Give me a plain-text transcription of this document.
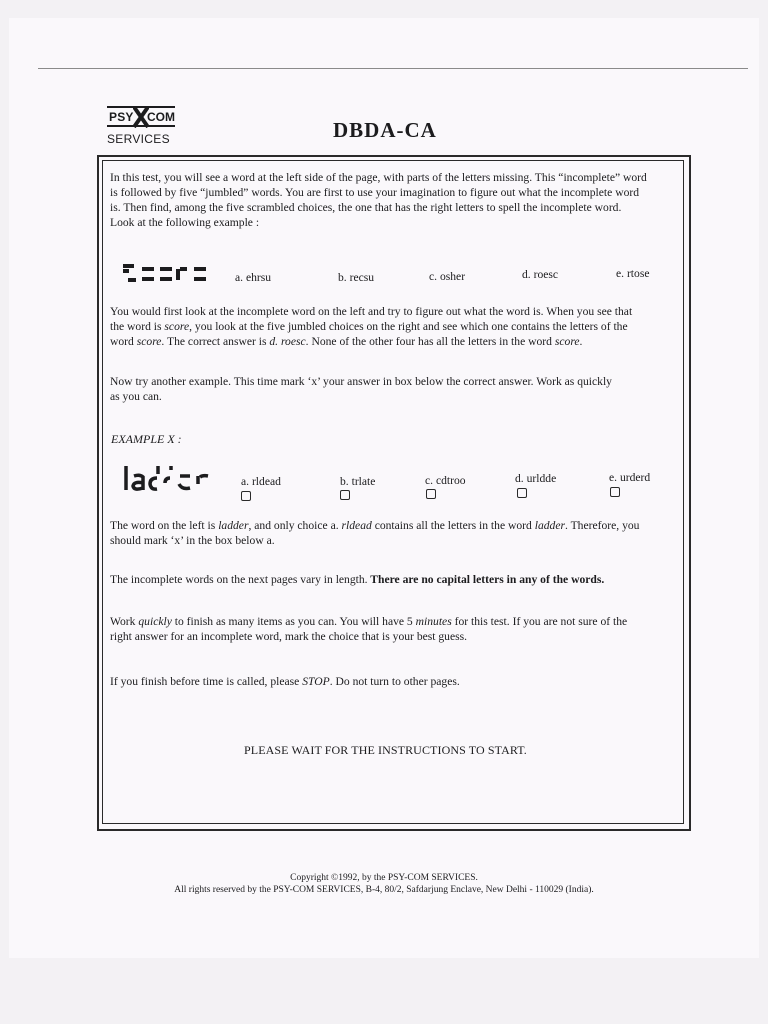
PSY COM
SERVICES	DBDA-CA
In this test, you will see a word at the left side of the page, with parts of the letters missing. This “incomplete” word
is followed by five “jumbled” words. You are first to use your imagination to figure out what the incomplete word
is. Then find, among the five scrambled choices, the one that has the right letters to spell the incomplete word.
Look at the following example :
a. ehrsu	b. recsu	c. osher	d. roesc	e. rtose
You would first look at the incomplete word on the left and try to figure out what the word is. When you see that
the word is score, you look at the five jumbled choices on the right and see which one contains the letters of the
word score. The correct answer is d. roesc. None of the other four has all the letters in the word score.
Now try another example. This time mark ‘x’ your answer in box below the correct answer. Work as quickly
as you can.
EXAMPLE X :
a. rldead	b. trlate	c. cdtroo	d. urldde	e. urderd
The word on the left is ladder, and only choice a. rldead contains all the letters in the word ladder. Therefore, you
should mark ‘x’ in the box below a.
The incomplete words on the next pages vary in length. There are no capital letters in any of the words.
Work quickly to finish as many items as you can. You will have 5 minutes for this test. If you are not sure of the
right answer for an incomplete word, mark the choice that is your best guess.
If you finish before time is called, please STOP. Do not turn to other pages.
PLEASE WAIT FOR THE INSTRUCTIONS TO START.
Copyright ©1992, by the PSY-COM SERVICES.
All rights reserved by the PSY-COM SERVICES, B-4, 80/2, Safdarjung Enclave, New Delhi - 110029 (India).
